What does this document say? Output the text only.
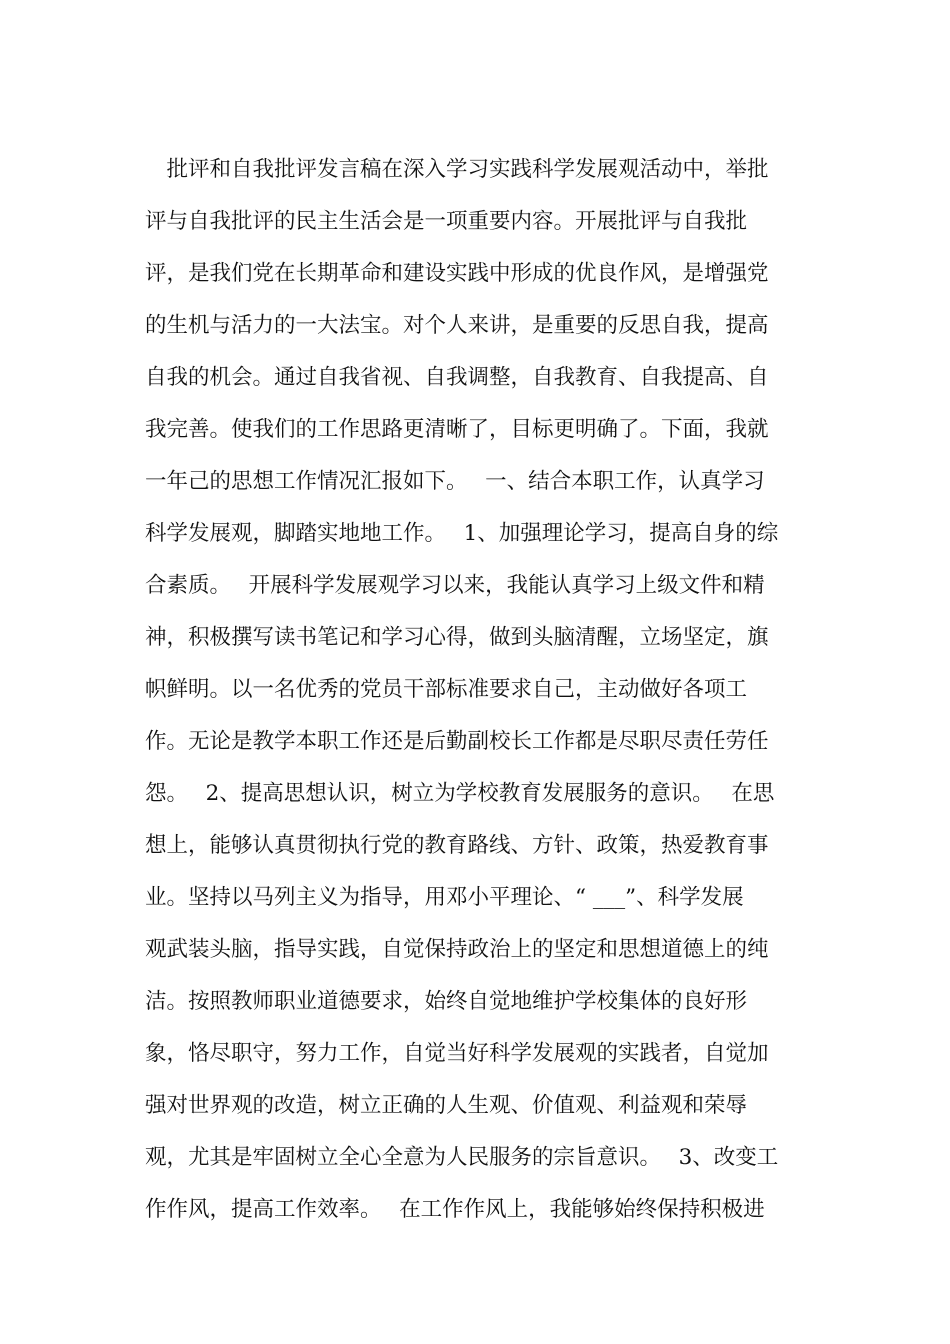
　批评和自我批评发言稿在深入学习实践科学发展观活动中，举批
评与自我批评的民主生活会是一项重要内容。开展批评与自我批
评，是我们党在长期革命和建设实践中形成的优良作风，是增强党
的生机与活力的一大法宝。对个人来讲，是重要的反思自我，提高
自我的机会。通过自我省视、自我调整，自我教育、自我提高、自
我完善。使我们的工作思路更清晰了，目标更明确了。下面，我就
一年己的思想工作情况汇报如下。　 一、结合本职工作，认真学习
科学发展观，脚踏实地地工作。　 1、加强理论学习，提高自身的综
合素质。　 开展科学发展观学习以来，我能认真学习上级文件和精
神，积极撰写读书笔记和学习心得，做到头脑清醒，立场坚定，旗
帜鲜明。以一名优秀的党员干部标准要求自己，主动做好各项工
作。无论是教学本职工作还是后勤副校长工作都是尽职尽责任劳任
怨。　 2、提高思想认识，树立为学校教育发展服务的意识。　 在思
想上，能够认真贯彻执行党的教育路线、方针、政策，热爱教育事
业。坚持以马列主义为指导，用邓小平理论、“ ___”、科学发展
观武装头脑，指导实践，自觉保持政治上的坚定和思想道德上的纯
洁。按照教师职业道德要求，始终自觉地维护学校集体的良好形
象，恪尽职守，努力工作，自觉当好科学发展观的实践者，自觉加
强对世界观的改造，树立正确的人生观、价值观、利益观和荣辱
观，尤其是牢固树立全心全意为人民服务的宗旨意识。　 3、改变工
作作风，提高工作效率。　 在工作作风上，我能够始终保持积极进
